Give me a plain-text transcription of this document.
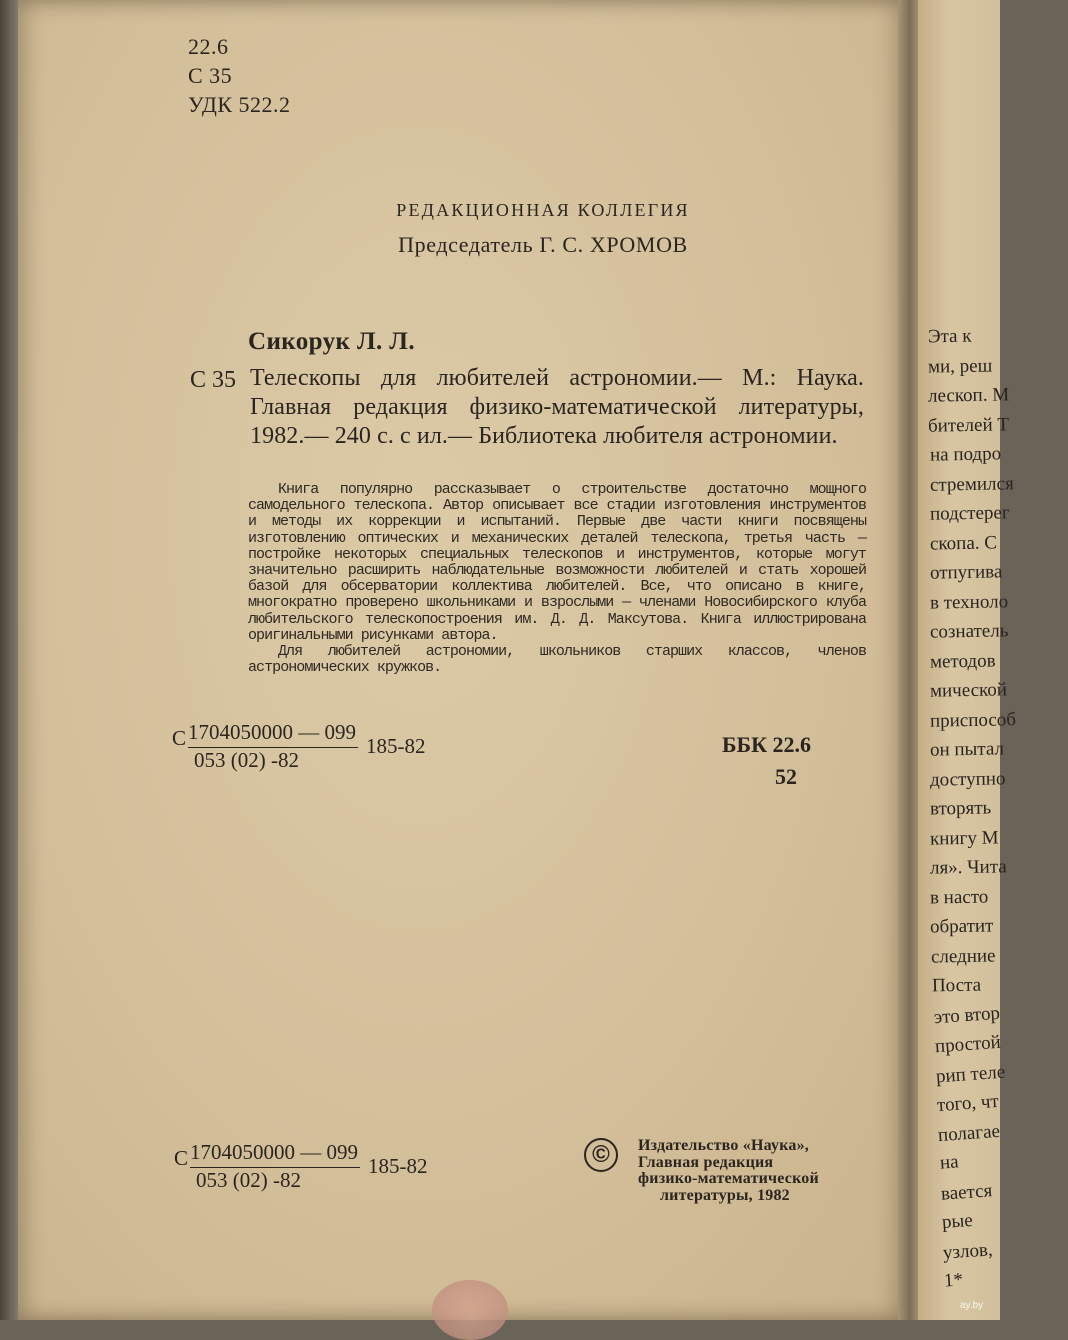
22.6
С 35
УДК 522.2
РЕДАКЦИОННАЯ КОЛЛЕГИЯ
Председатель Г. С. ХРОМОВ
Сикорук Л. Л.
С 35 Телескопы для любителей астрономии.— М.: Наука. Главная редакция физико-математической литературы, 1982.— 240 с. с ил.— Библиотека любителя астрономии.

Книга популярно рассказывает о строительстве достаточно мощного самодельного телескопа. Автор описывает все стадии изготовления инструментов и методы их коррекции и испытаний. Первые две части книги посвящены изготовлению оптических и механических деталей телескопа, третья часть — постройке некоторых специальных телескопов и инструментов, которые могут значительно расширить наблюдательные возможности любителей и стать хорошей базой для обсерватории коллектива любителей. Все, что описано в книге, многократно проверено школьниками и взрослыми — членами Новосибирского клуба любительского телескопостроения им. Д. Д. Максутова. Книга иллюстрирована оригинальными рисунками автора.

Для любителей астрономии, школьников старших классов, членов астрономических кружков.

С 1704050000 — 099
053 (02) -82
185-82	ББК 22.6
52
С 1704050000 — 099
053 (02) -82
185-82	©	Издательство «Наука»,
Главная редакция
физико-математической
литературы, 1982
Эта к
ми, реш
лескоп. М
бителей Т
на подро
стремился
подстерег
скопа. С
отпугива
в техноло
сознатель
методов
мической
приспособ
он пытал
доступно
вторять
книгу М
ля». Чита
в насто
обратит
следние
Поста
это втор
простой
рип теле
того, чт
полагае
на
вается
рые
узлов,
1*
ay.by
